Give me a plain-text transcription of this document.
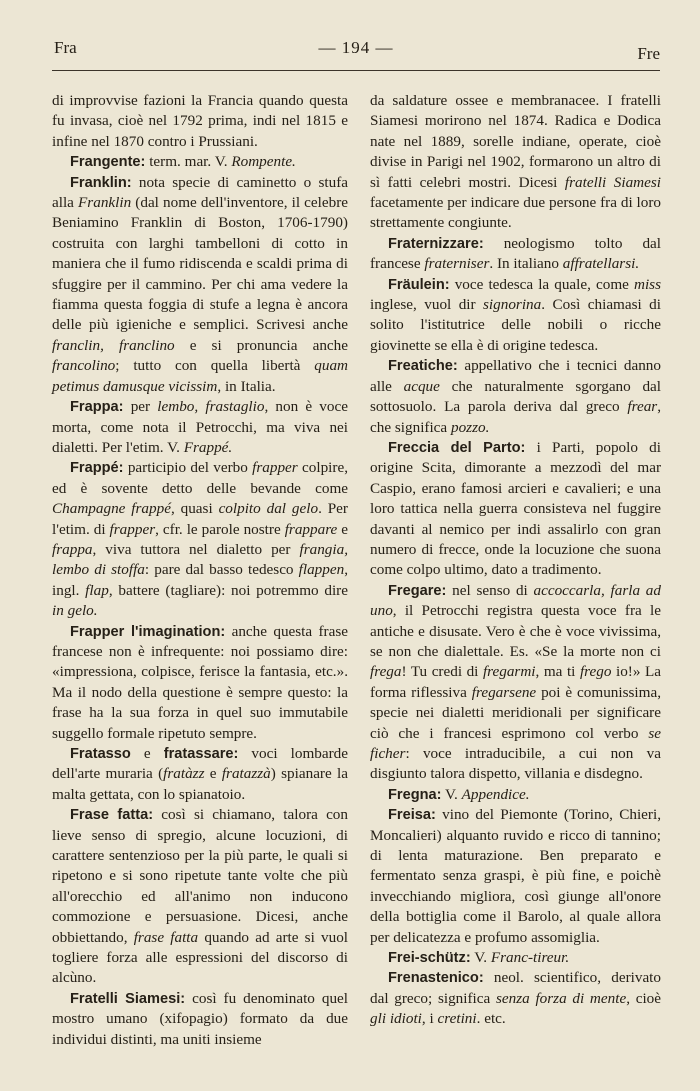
Fra	— 194 —	Fre

di improvvise fazioni la Francia quando questa fu invasa, cioè nel 1792 prima, indi nel 1815 e infine nel 1870 contro i Prussiani.

Frangente: term. mar. V. Rompente.

Franklin: nota specie di caminetto o stufa alla Franklin (dal nome dell'inventore, il celebre Beniamino Franklin di Boston, 1706-1790) costruita con larghi tambelloni di cotto in maniera che il fumo ridiscenda e scaldi prima di sfuggire per il cammino. Per chi ama vedere la fiamma questa foggia di stufe a legna è ancora delle più igieniche e semplici. Scrivesi anche franclin, franclino e si pronuncia anche francolino; tutto con quella libertà quam petimus damusque vicissim, in Italia.

Frappa: per lembo, frastaglio, non è voce morta, come nota il Petrocchi, ma viva nei dialetti. Per l'etim. V. Frappé.

Frappé: participio del verbo frapper colpire, ed è sovente detto delle bevande come Champagne frappé, quasi colpito dal gelo. Per l'etim. di frapper, cfr. le parole nostre frappare e frappa, viva tuttora nel dialetto per frangia, lembo di stoffa: pare dal basso tedesco flappen, ingl. flap, battere (tagliare): noi potremmo dire in gelo.

Frapper l'imagination: anche questa frase francese non è infrequente: noi possiamo dire: «impressiona, colpisce, ferisce la fantasia, etc.». Ma il nodo della questione è sempre questo: la frase ha la sua forza in quel suo immutabile suggello formale ripetuto sempre.

Fratasso e fratassare: voci lombarde dell'arte muraria (fratàzz e fratazzà) spianare la malta gettata, con lo spianatoio.

Frase fatta: così si chiamano, talora con lieve senso di spregio, alcune locuzioni, di carattere sentenzioso per la più parte, le quali si ripetono e si sono ripetute tante volte che più all'orecchio ed all'animo non inducono commozione e persuasione. Dicesi, anche obbiettando, frase fatta quando ad arte si vuol togliere forza alle espressioni del discorso di alcùno.

Fratelli Siamesi: così fu denominato quel mostro umano (xifopagio) formato da due individui distinti, ma uniti insieme

da saldature ossee e membranacee. I fratelli Siamesi morirono nel 1874. Radica e Dodica nate nel 1889, sorelle indiane, operate, cioè divise in Parigi nel 1902, formarono un altro di sì fatti celebri mostri. Dicesi fratelli Siamesi facetamente per indicare due persone fra di loro strettamente congiunte.

Fraternizzare: neologismo tolto dal francese fraterniser. In italiano affratellarsi.

Fräulein: voce tedesca la quale, come miss inglese, vuol dir signorina. Così chiamasi di solito l'istitutrice delle nobili o ricche giovinette se ella è di origine tedesca.

Freatiche: appellativo che i tecnici danno alle acque che naturalmente sgorgano dal sottosuolo. La parola deriva dal greco frear, che significa pozzo.

Freccia del Parto: i Parti, popolo di origine Scita, dimorante a mezzodì del mar Caspio, erano famosi arcieri e cavalieri; e una loro tattica nella guerra consisteva nel fuggire davanti al nemico per indi assalirlo con gran numero di frecce, onde la locuzione che suona come colpo ultimo, dato a tradimento.

Fregare: nel senso di accoccarla, farla ad uno, il Petrocchi registra questa voce fra le antiche e disusate. Vero è che è voce vivissima, se non che dialettale. Es. «Se la morte non ci frega! Tu credi di fregarmi, ma ti frego io!» La forma riflessiva fregarsene poi è comunissima, specie nei dialetti meridionali per significare ciò che i francesi esprimono col verbo se ficher: voce intraducibile, a cui non va disgiunto talora dispetto, villania e disdegno.

Fregna: V. Appendice.

Freisa: vino del Piemonte (Torino, Chieri, Moncalieri) alquanto ruvido e ricco di tannino; di lenta maturazione. Ben preparato e fermentato senza graspi, è più fine, e poichè invecchiando migliora, così giunge all'onore della bottiglia come il Barolo, al quale allora per delicatezza e profumo assomiglia.

Frei-schütz: V. Franc-tireur.

Frenastenico: neol. scientifico, derivato dal greco; significa senza forza di mente, cioè gli idioti, i cretini. etc.
